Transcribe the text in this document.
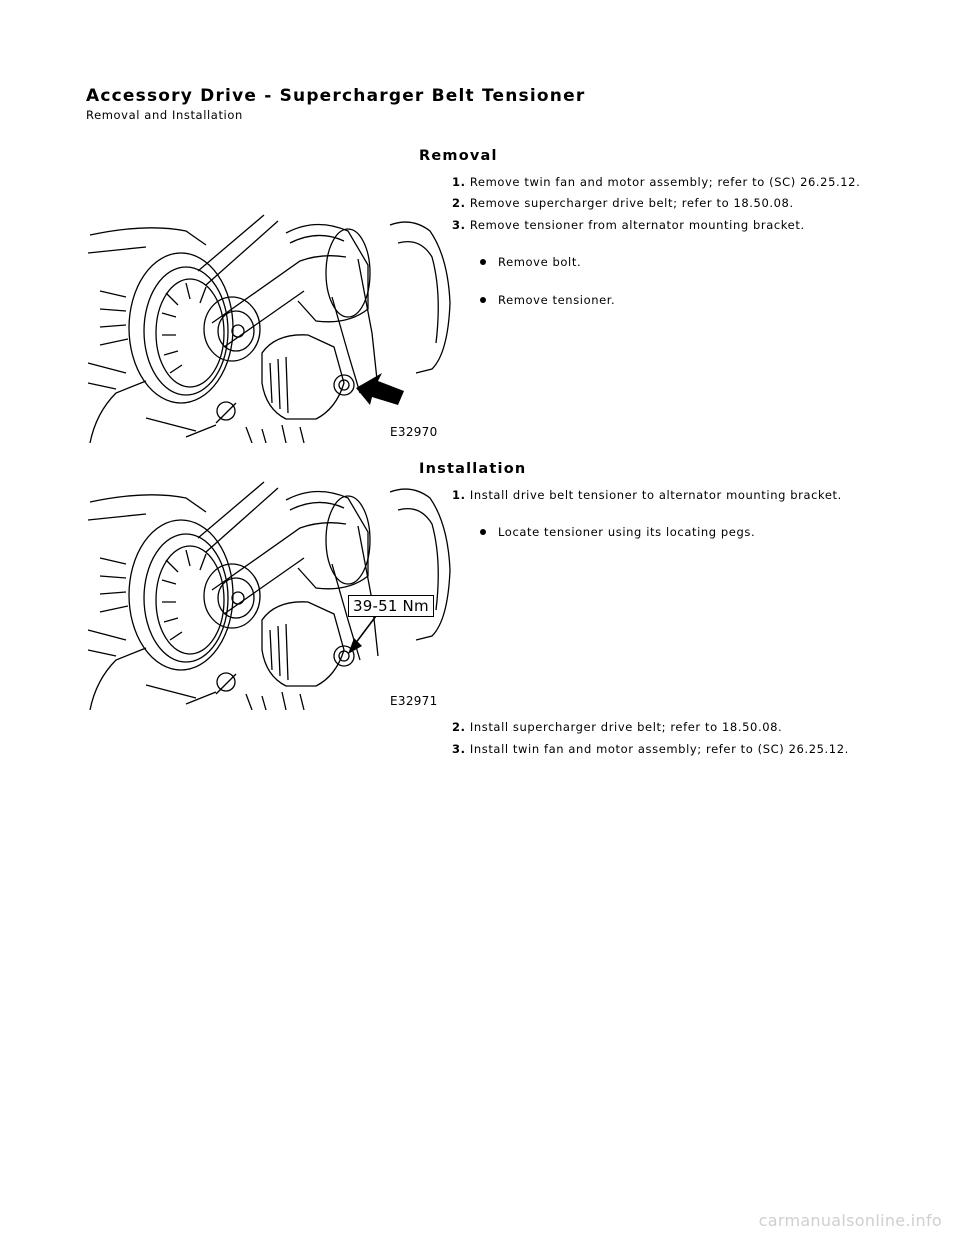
Accessory Drive - Supercharger Belt Tensioner
Removal and Installation
Removal
1. Remove twin fan and motor assembly; refer to (SC) 26.25.12.
2. Remove supercharger drive belt; refer to 18.50.08.
3. Remove tensioner from alternator mounting bracket.
Remove bolt.
Remove tensioner.
E32970
Installation
1. Install drive belt tensioner to alternator mounting bracket.
Locate tensioner using its locating pegs.
39-51 Nm
E32971
2. Install supercharger drive belt; refer to 18.50.08.
3. Install twin fan and motor assembly; refer to (SC) 26.25.12.
carmanualsonline.info
